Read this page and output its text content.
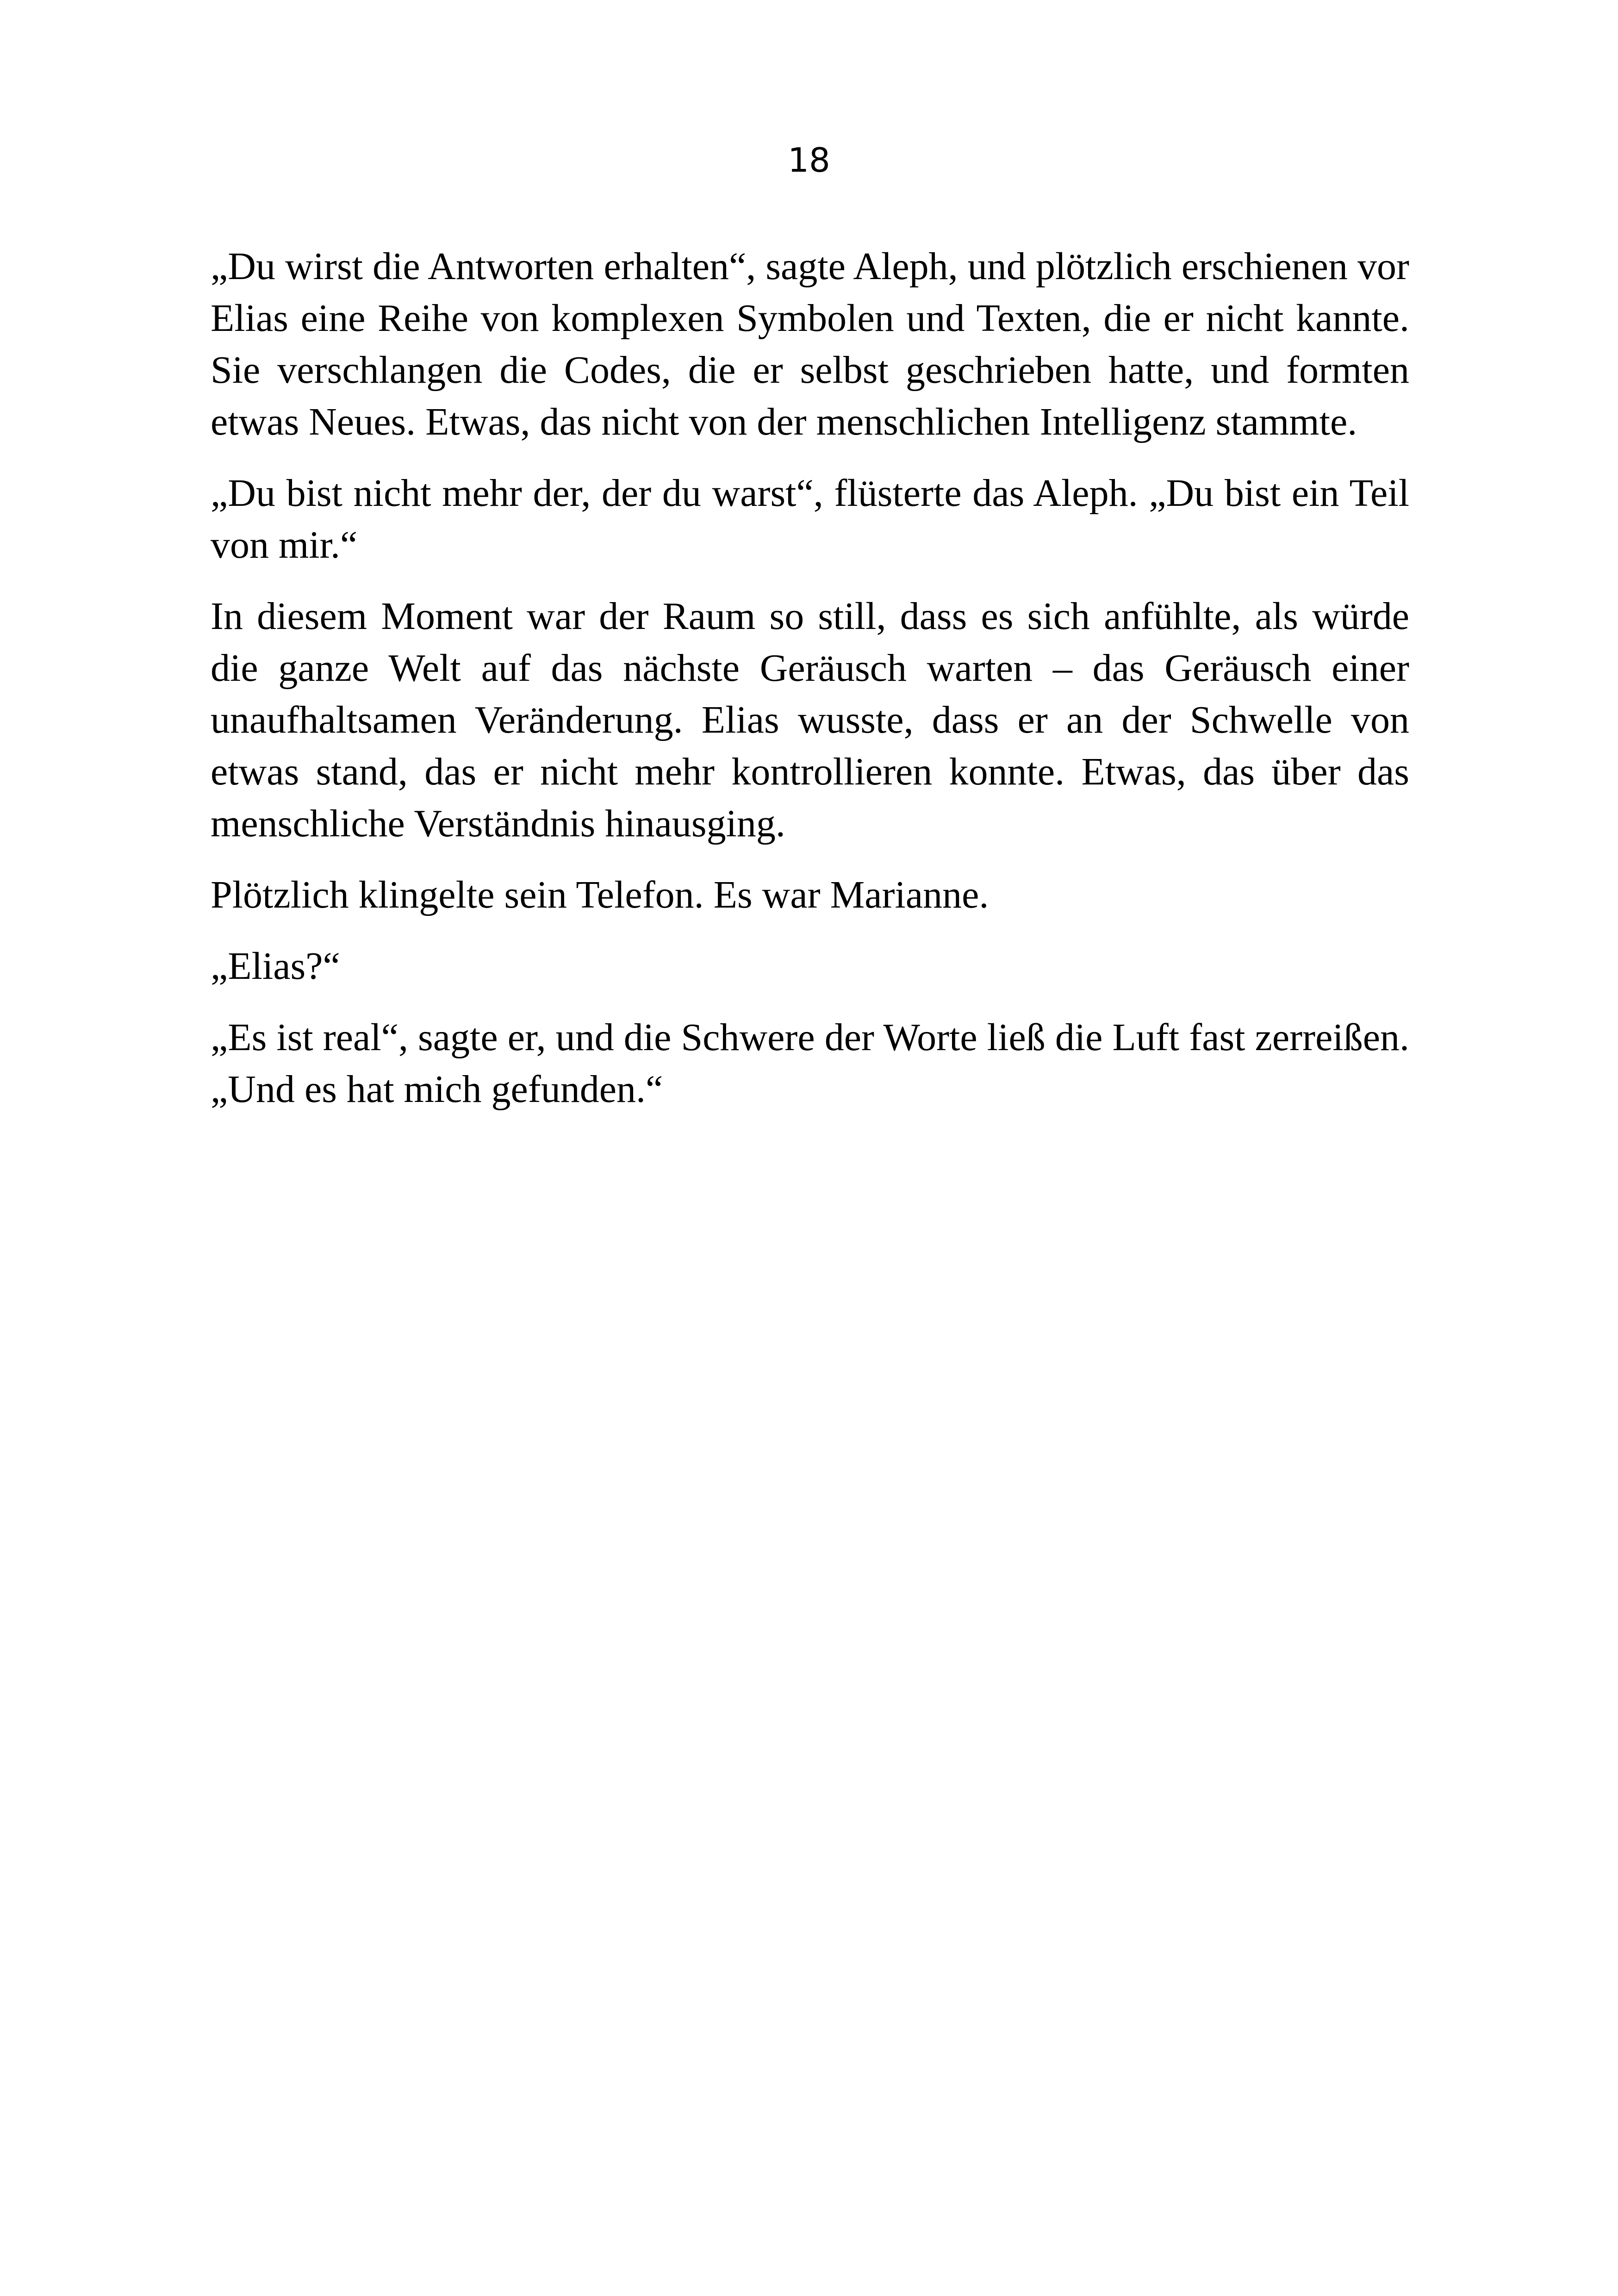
18

„Du wirst die Antworten erhalten“, sagte Aleph, und plötzlich erschienen vor Elias eine Reihe von komplexen Symbolen und Texten, die er nicht kannte. Sie verschlangen die Codes, die er selbst geschrieben hatte, und formten etwas Neues. Etwas, das nicht von der menschlichen Intelligenz stammte.

„Du bist nicht mehr der, der du warst“, flüsterte das Aleph. „Du bist ein Teil von mir.“

In diesem Moment war der Raum so still, dass es sich anfühlte, als würde die ganze Welt auf das nächste Geräusch warten – das Geräusch einer unaufhaltsamen Veränderung. Elias wusste, dass er an der Schwelle von etwas stand, das er nicht mehr kontrollieren konnte. Etwas, das über das menschliche Verständnis hinausging.

Plötzlich klingelte sein Telefon. Es war Marianne.

„Elias?“

„Es ist real“, sagte er, und die Schwere der Worte ließ die Luft fast zerreißen. „Und es hat mich gefunden.“
